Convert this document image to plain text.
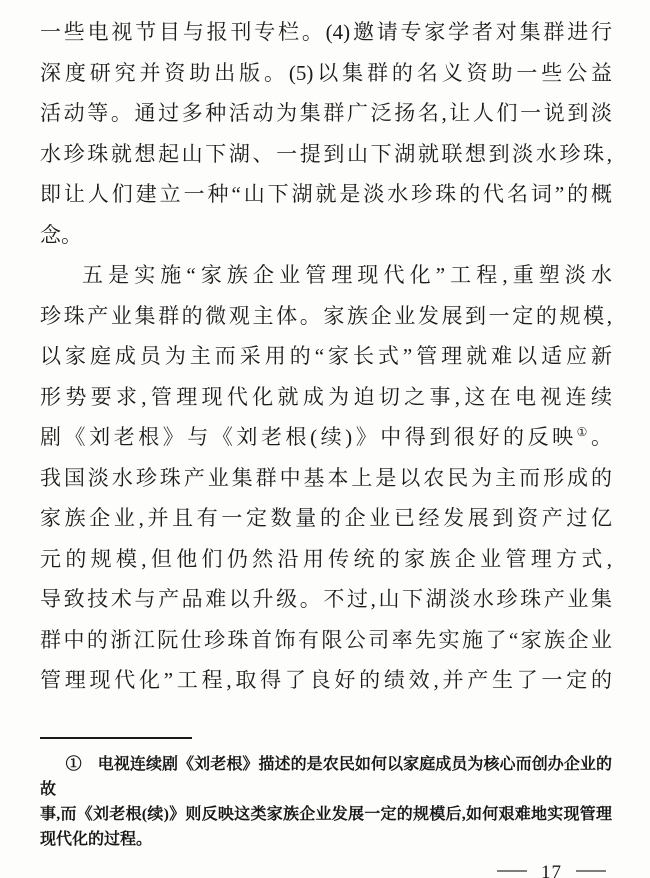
一些电视节目与报刊专栏。(4)邀请专家学者对集群进行
深度研究并资助出版。(5)以集群的名义资助一些公益
活动等。通过多种活动为集群广泛扬名,让人们一说到淡
水珍珠就想起山下湖、一提到山下湖就联想到淡水珍珠,
即让人们建立一种“山下湖就是淡水珍珠的代名词”的概
念。
五是实施“家族企业管理现代化”工程,重塑淡水
珍珠产业集群的微观主体。家族企业发展到一定的规模,
以家庭成员为主而采用的“家长式”管理就难以适应新
形势要求,管理现代化就成为迫切之事,这在电视连续
剧《刘老根》与《刘老根(续)》中得到很好的反映①。
我国淡水珍珠产业集群中基本上是以农民为主而形成的
家族企业,并且有一定数量的企业已经发展到资产过亿
元的规模,但他们仍然沿用传统的家族企业管理方式,
导致技术与产品难以升级。不过,山下湖淡水珍珠产业集
群中的浙江阮仕珍珠首饰有限公司率先实施了“家族企业
管理现代化”工程,取得了良好的绩效,并产生了一定的
①　电视连续剧《刘老根》描述的是农民如何以家庭成员为核心而创办企业的故
事,而《刘老根(续)》则反映这类家族企业发展一定的规模后,如何艰难地实现管理
现代化的过程。
17
